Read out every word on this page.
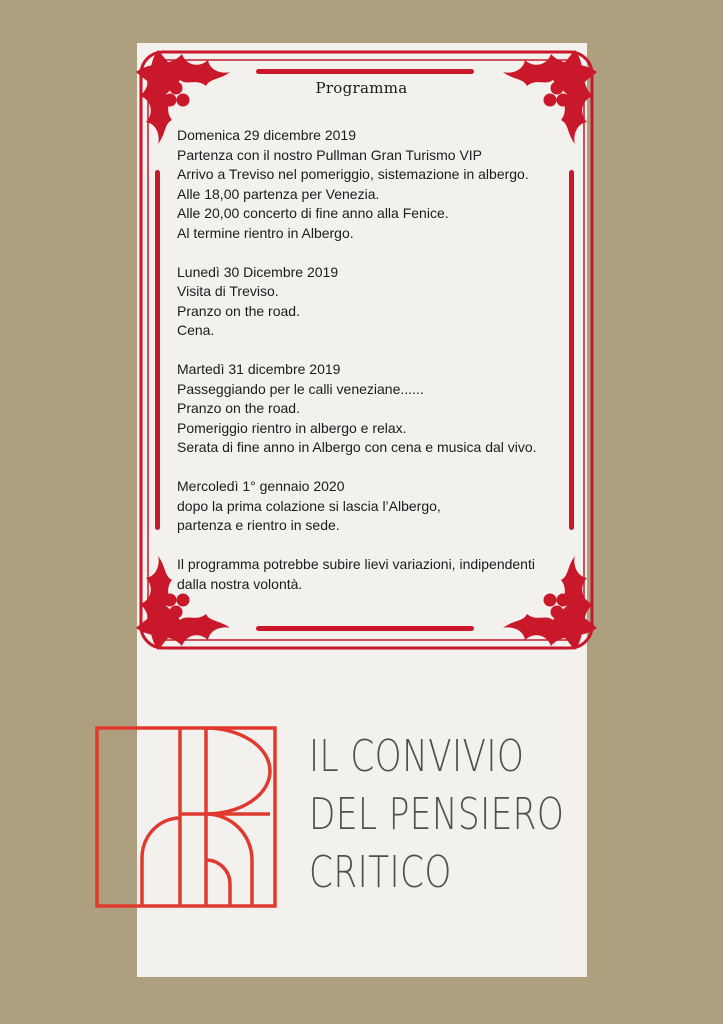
Programma
Domenica 29 dicembre 2019
Partenza con il nostro Pullman Gran Turismo VIP
Arrivo a Treviso nel pomeriggio, sistemazione in albergo.
Alle 18,00 partenza per Venezia.
Alle 20,00 concerto di fine anno alla Fenice.
Al termine rientro in Albergo.
Lunedì 30 Dicembre 2019
Visita di Treviso.
Pranzo on the road.
Cena.
Martedì 31 dicembre 2019
Passeggiando per le calli veneziane......
Pranzo on the road.
Pomeriggio rientro in albergo e relax.
Serata di fine anno in Albergo con cena e musica dal vivo.
Mercoledì 1° gennaio 2020
dopo la prima colazione si lascia l’Albergo,
partenza e rientro in sede.
Il programma potrebbe subire lievi variazioni, indipendenti
dalla nostra volontà.
IL CONVIVIO
DEL PENSIERO
CRITICO
